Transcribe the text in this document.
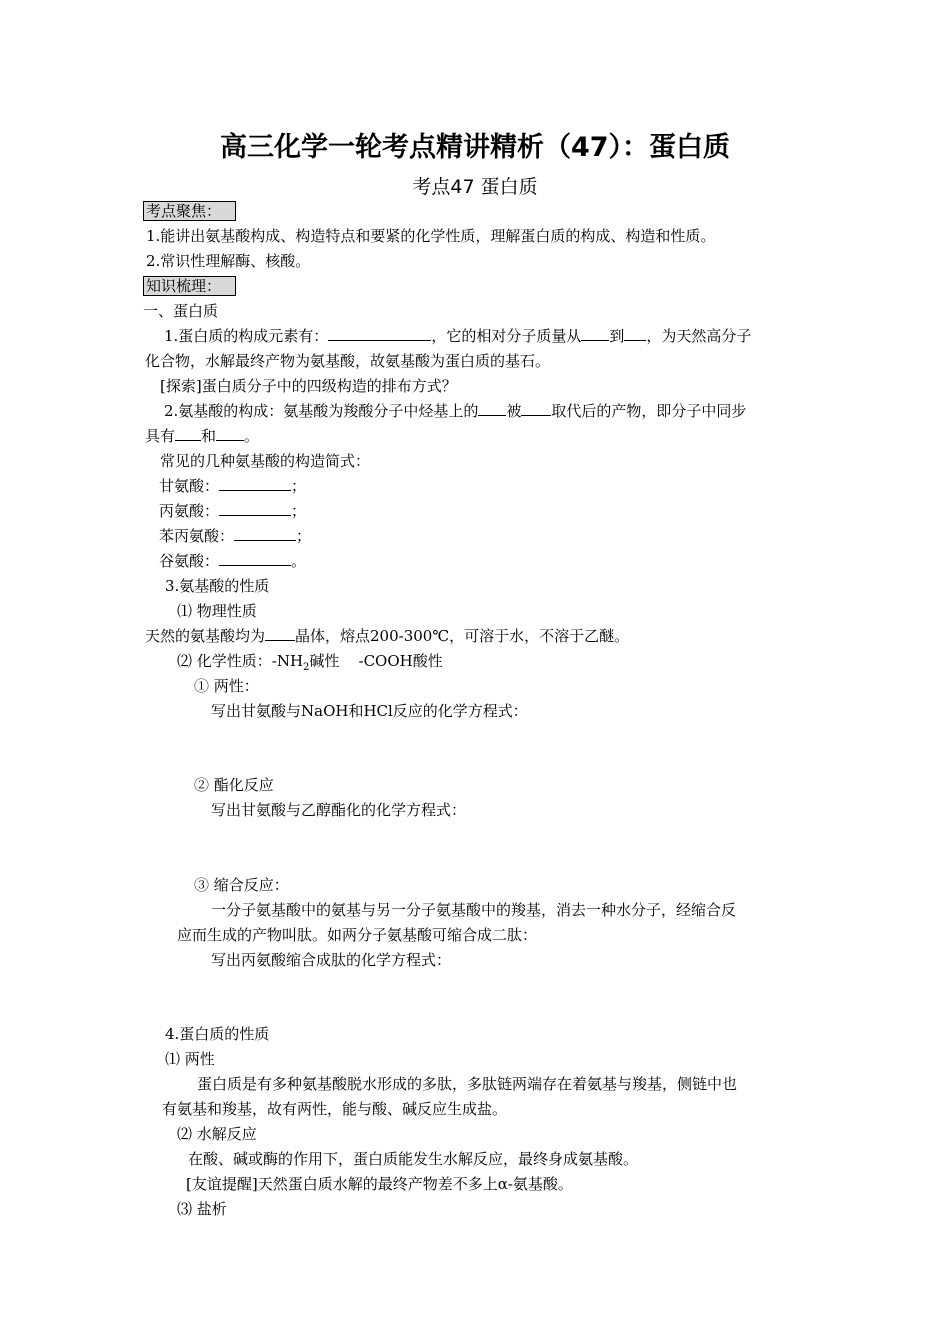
高三化学一轮考点精讲精析（47）：蛋白质
考点47 蛋白质
考点聚焦：
1.能讲出氨基酸构成、构造特点和要紧的化学性质，理解蛋白质的构成、构造和性质。
2.常识性理解酶、核酸。
知识梳理：
一、蛋白质
1.蛋白质的构成元素有：	，它的相对分子质量从 到 ，为天然高分子
化合物，水解最终产物为氨基酸，故氨基酸为蛋白质的基石。
[探索]蛋白质分子中的四级构造的排布方式？
2.氨基酸的构成：氨基酸为羧酸分子中烃基上的 被 取代后的产物，即分子中同步
具有 和 。
常见的几种氨基酸的构造简式：
甘氨酸：	；
丙氨酸：	；
苯丙氨酸：	；
谷氨酸：	。
3.氨基酸的性质
⑴ 物理性质
天然的氨基酸均为 晶体，熔点200-300℃，可溶于水，不溶于乙醚。
⑵ 化学性质：$-NH_2$碱性    -COOH酸性
① 两性：
写出甘氨酸与NaOH和HCl反应的化学方程式：
② 酯化反应
写出甘氨酸与乙醇酯化的化学方程式：
③ 缩合反应：
一分子氨基酸中的氨基与另一分子氨基酸中的羧基，消去一种水分子，经缩合反
应而生成的产物叫肽。如两分子氨基酸可缩合成二肽：
写出丙氨酸缩合成肽的化学方程式：
4.蛋白质的性质
⑴ 两性
蛋白质是有多种氨基酸脱水形成的多肽，多肽链两端存在着氨基与羧基，侧链中也
有氨基和羧基，故有两性，能与酸、碱反应生成盐。
⑵ 水解反应
在酸、碱或酶的作用下，蛋白质能发生水解反应，最终身成氨基酸。
[友谊提醒]天然蛋白质水解的最终产物差不多上α-氨基酸。
⑶ 盐析
